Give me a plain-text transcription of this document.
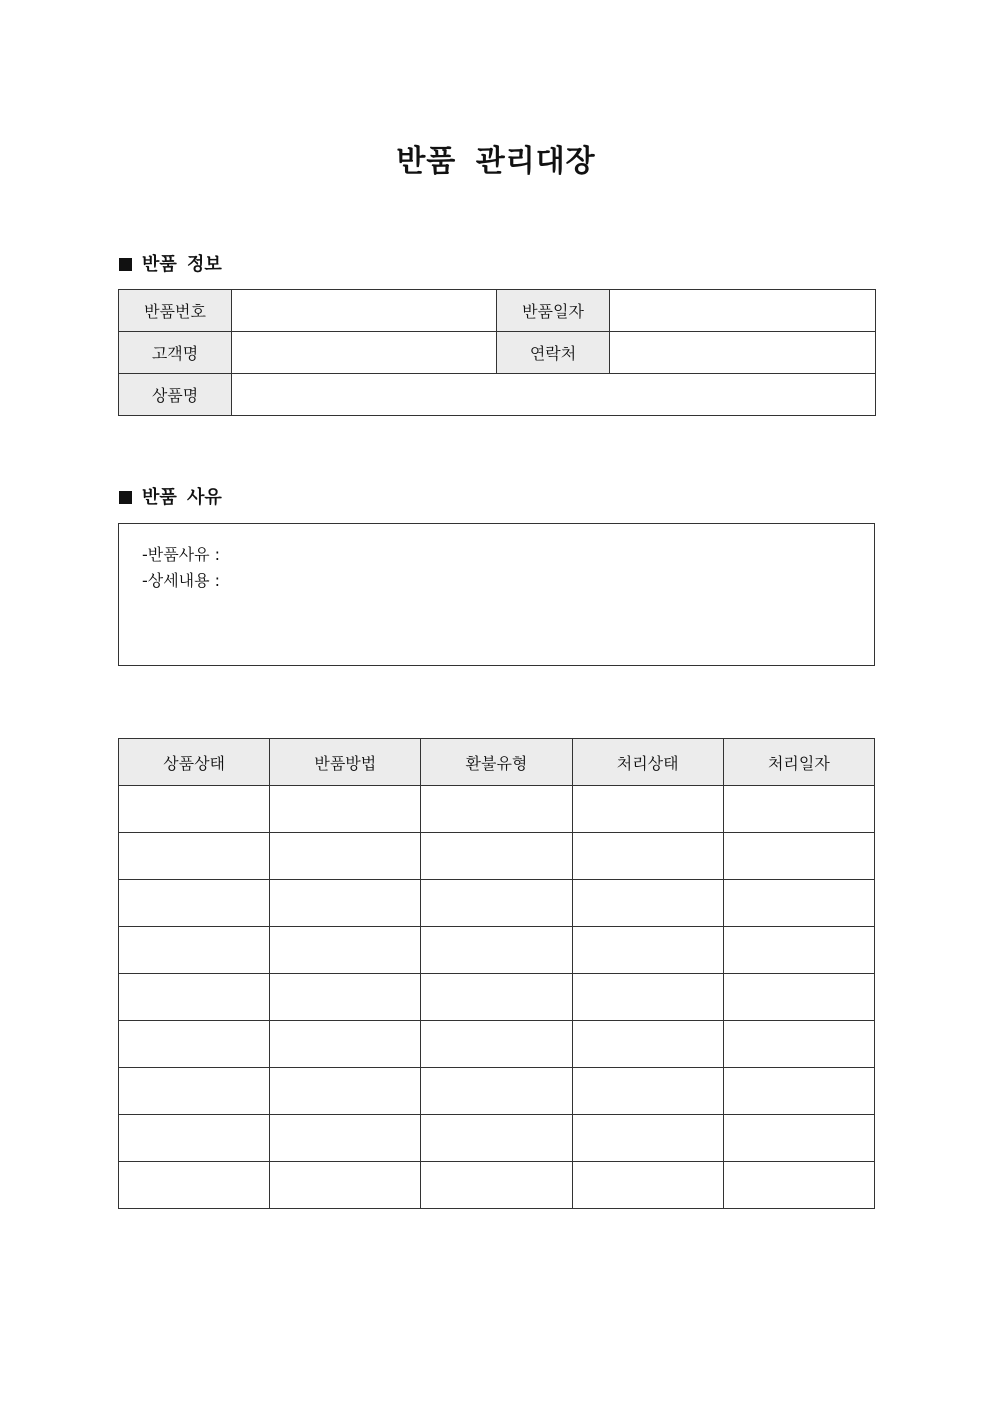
반품 관리대장
반품 정보
반품번호		반품일자	
고객명		연락처	
상품명			
반품 사유
-반품사유 :
-상세내용 :
상품상태	반품방법	환불유형	처리상태	처리일자
